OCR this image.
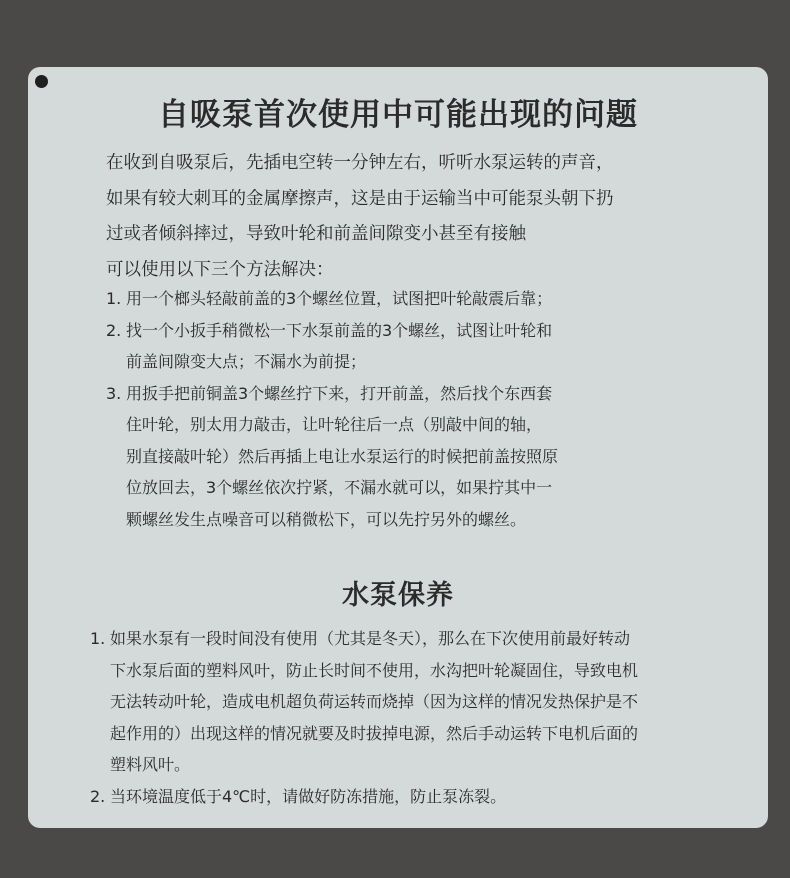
自吸泵首次使用中可能出现的问题

在收到自吸泵后，先插电空转一分钟左右，听听水泵运转的声音，

如果有较大刺耳的金属摩擦声，这是由于运输当中可能泵头朝下扔

过或者倾斜摔过，导致叶轮和前盖间隙变小甚至有接触

可以使用以下三个方法解决：

1. 用一个榔头轻敲前盖的3个螺丝位置，试图把叶轮敲震后靠；

2. 找一个小扳手稍微松一下水泵前盖的3个螺丝，试图让叶轮和

前盖间隙变大点；不漏水为前提；

3. 用扳手把前铜盖3个螺丝拧下来，打开前盖，然后找个东西套

住叶轮，别太用力敲击，让叶轮往后一点（别敲中间的轴，

别直接敲叶轮）然后再插上电让水泵运行的时候把前盖按照原

位放回去，3个螺丝依次拧紧，不漏水就可以，如果拧其中一

颗螺丝发生点噪音可以稍微松下，可以先拧另外的螺丝。

水泵保养
1. 如果水泵有一段时间没有使用（尤其是冬天），那么在下次使用前最好转动

下水泵后面的塑料风叶，防止长时间不使用，水沟把叶轮凝固住，导致电机

无法转动叶轮，造成电机超负荷运转而烧掉（因为这样的情况发热保护是不

起作用的）出现这样的情况就要及时拔掉电源，然后手动运转下电机后面的

塑料风叶。

2. 当环境温度低于4℃时，请做好防冻措施，防止泵冻裂。
